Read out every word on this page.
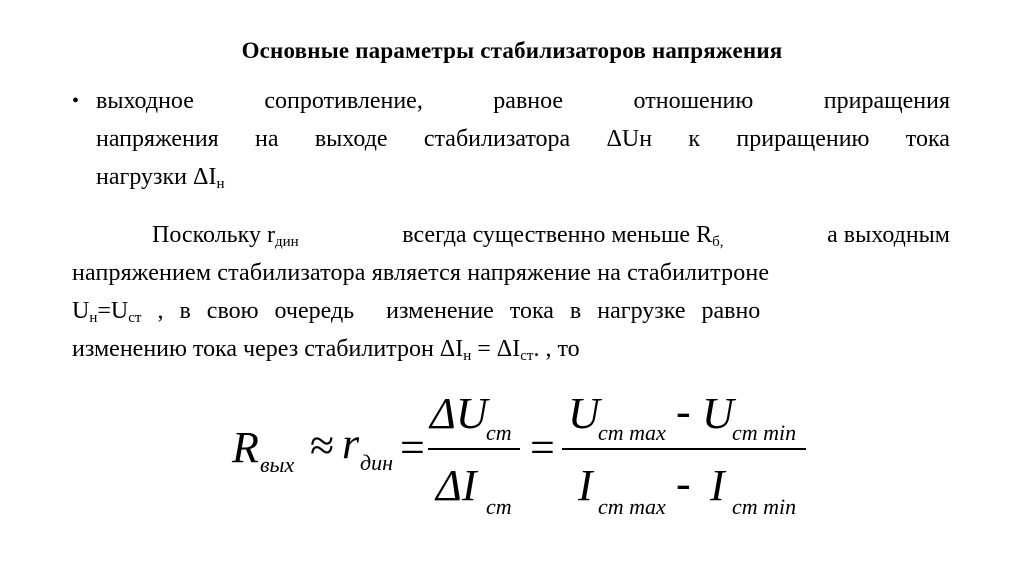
Основные параметры стабилизаторов напряжения
• выходное	сопротивление,	равное	отношению	приращения
напряжения на выходе стабилизатора ΔUн к приращению тока
нагрузки $\Delta I_н$
Поскольку $r_{дин}$	всегда существенно меньше $R_{б,}$	а выходным
напряжением стабилизатора является напряжение на стабилитроне
$U_н=U_{ст}$ , в свою очередь  изменение тока в нагрузке равно
изменению тока через стабилитрон $\Delta I_н = \Delta I_{ст}$. , то
R вых ≈ r дин =
ΔU
ст
ΔI ст
=
U
ст max - U
ст min
I ст max - I ст min
